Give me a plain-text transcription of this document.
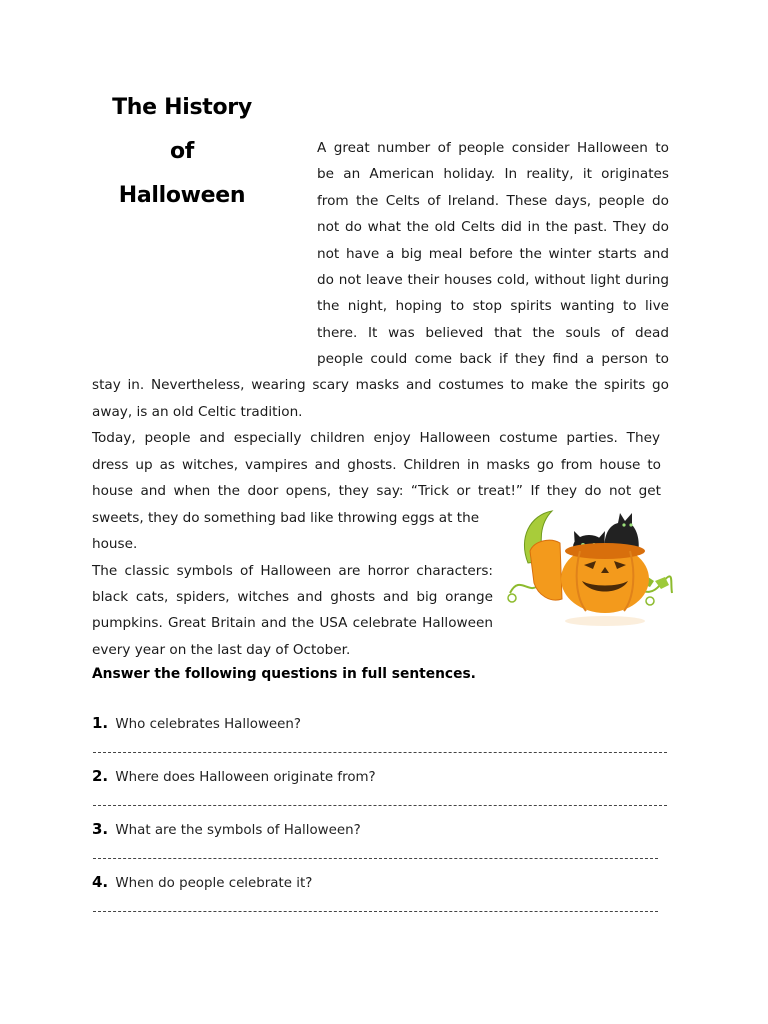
The History
of
Halloween
A great number of people consider Halloween to
be an American holiday. In reality, it originates
from the Celts of Ireland. These days, people do
not do what the old Celts did in the past. They do
not have a big meal before the winter starts and
do not leave their houses cold, without light during
the night, hoping to stop spirits wanting to live
there. It was believed that the souls of dead
people could come back if they find a person to
stay in. Nevertheless, wearing scary masks and costumes to make the spirits go
away, is an old Celtic tradition.
Today, people and especially children enjoy Halloween costume parties. They
dress up as witches, vampires and ghosts. Children in masks go from house to
house and when the door opens, they say: “Trick or treat!” If they do not get
sweets, they do something bad like throwing eggs at the
house.
The classic symbols of Halloween are horror characters:
black cats, spiders, witches and ghosts and big orange
pumpkins. Great Britain and the USA celebrate Halloween
every year on the last day of October.
Answer the following questions in full sentences.
1. Who celebrates Halloween?
2. Where does Halloween originate from?
3. What are the symbols of Halloween?
4. When do people celebrate it?
